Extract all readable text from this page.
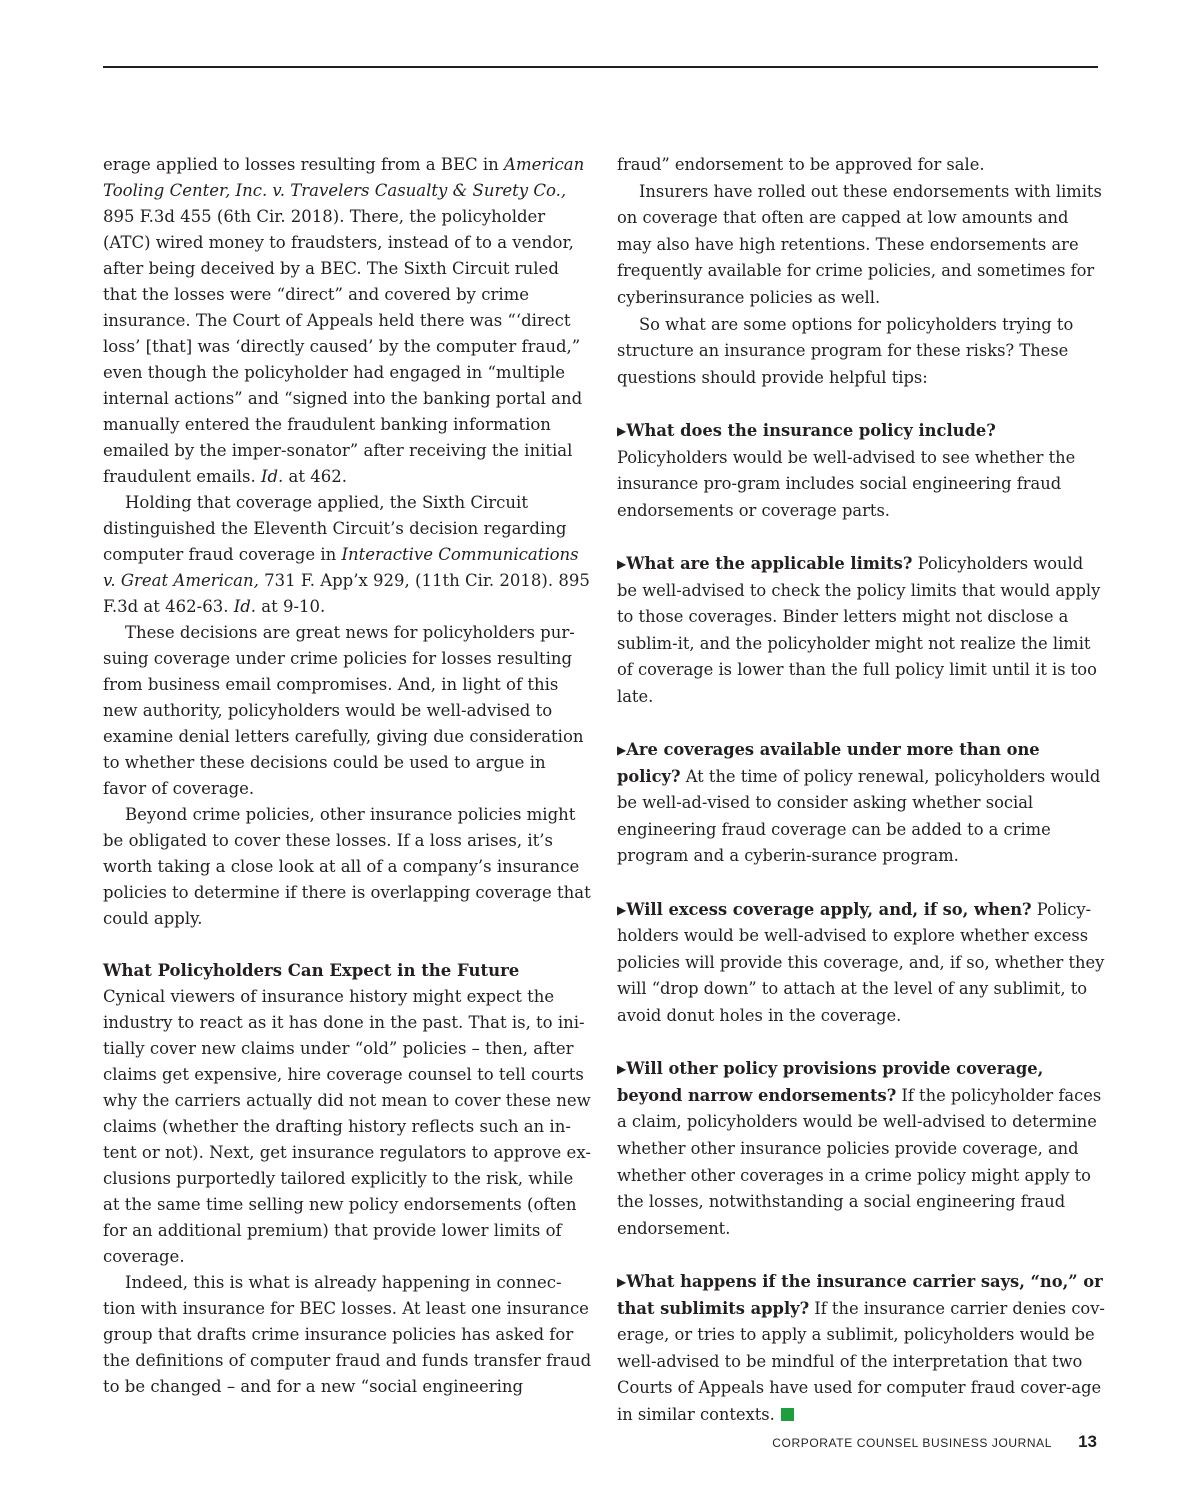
erage applied to losses resulting from a BEC in American Tooling Center, Inc. v. Travelers Casualty & Surety Co., 895 F.3d 455 (6th Cir. 2018). There, the policyholder (ATC) wired money to fraudsters, instead of to a vendor, after being deceived by a BEC. The Sixth Circuit ruled that the losses were “direct” and covered by crime insurance. The Court of Appeals held there was “‘direct loss’ [that] was ‘directly caused’ by the computer fraud,” even though the policyholder had engaged in “multiple internal actions” and “signed into the banking portal and manually entered the fraudulent banking information emailed by the imper-sonator” after receiving the initial fraudulent emails. Id. at 462.

Holding that coverage applied, the Sixth Circuit distinguished the Eleventh Circuit’s decision regarding computer fraud coverage in Interactive Communications v. Great American, 731 F. App’x 929, (11th Cir. 2018). 895 F.3d at 462-63. Id. at 9-10.

These decisions are great news for policyholders pur-suing coverage under crime policies for losses resulting from business email compromises. And, in light of this new authority, policyholders would be well-advised to examine denial letters carefully, giving due consideration to whether these decisions could be used to argue in favor of coverage.

Beyond crime policies, other insurance policies might be obligated to cover these losses. If a loss arises, it’s worth taking a close look at all of a company’s insurance policies to determine if there is overlapping coverage that could apply.

What Policyholders Can Expect in the Future

Cynical viewers of insurance history might expect the industry to react as it has done in the past. That is, to ini-tially cover new claims under “old” policies – then, after claims get expensive, hire coverage counsel to tell courts why the carriers actually did not mean to cover these new claims (whether the drafting history reflects such an in-tent or not). Next, get insurance regulators to approve ex-clusions purportedly tailored explicitly to the risk, while at the same time selling new policy endorsements (often for an additional premium) that provide lower limits of coverage.

Indeed, this is what is already happening in connec-tion with insurance for BEC losses. At least one insurance group that drafts crime insurance policies has asked for the definitions of computer fraud and funds transfer fraud to be changed – and for a new “social engineering

fraud” endorsement to be approved for sale.

Insurers have rolled out these endorsements with limits on coverage that often are capped at low amounts and may also have high retentions. These endorsements are frequently available for crime policies, and sometimes for cyberinsurance policies as well.

So what are some options for policyholders trying to structure an insurance program for these risks? These questions should provide helpful tips:

▶What does the insurance policy include? Policyholders would be well-advised to see whether the insurance pro-gram includes social engineering fraud endorsements or coverage parts.

▶What are the applicable limits? Policyholders would be well-advised to check the policy limits that would apply to those coverages. Binder letters might not disclose a sublim-it, and the policyholder might not realize the limit of coverage is lower than the full policy limit until it is too late.

▶Are coverages available under more than one policy? At the time of policy renewal, policyholders would be well-ad-vised to consider asking whether social engineering fraud coverage can be added to a crime program and a cyberin-surance program.

▶Will excess coverage apply, and, if so, when? Policy-holders would be well-advised to explore whether excess policies will provide this coverage, and, if so, whether they will “drop down” to attach at the level of any sublimit, to avoid donut holes in the coverage.

▶Will other policy provisions provide coverage, beyond narrow endorsements? If the policyholder faces a claim, policyholders would be well-advised to determine whether other insurance policies provide coverage, and whether other coverages in a crime policy might apply to the losses, notwithstanding a social engineering fraud endorsement.

▶What happens if the insurance carrier says, “no,” or that sublimits apply? If the insurance carrier denies cov-erage, or tries to apply a sublimit, policyholders would be well-advised to be mindful of the interpretation that two Courts of Appeals have used for computer fraud cover-age in similar contexts.

CORPORATE COUNSEL BUSINESS JOURNAL 13
